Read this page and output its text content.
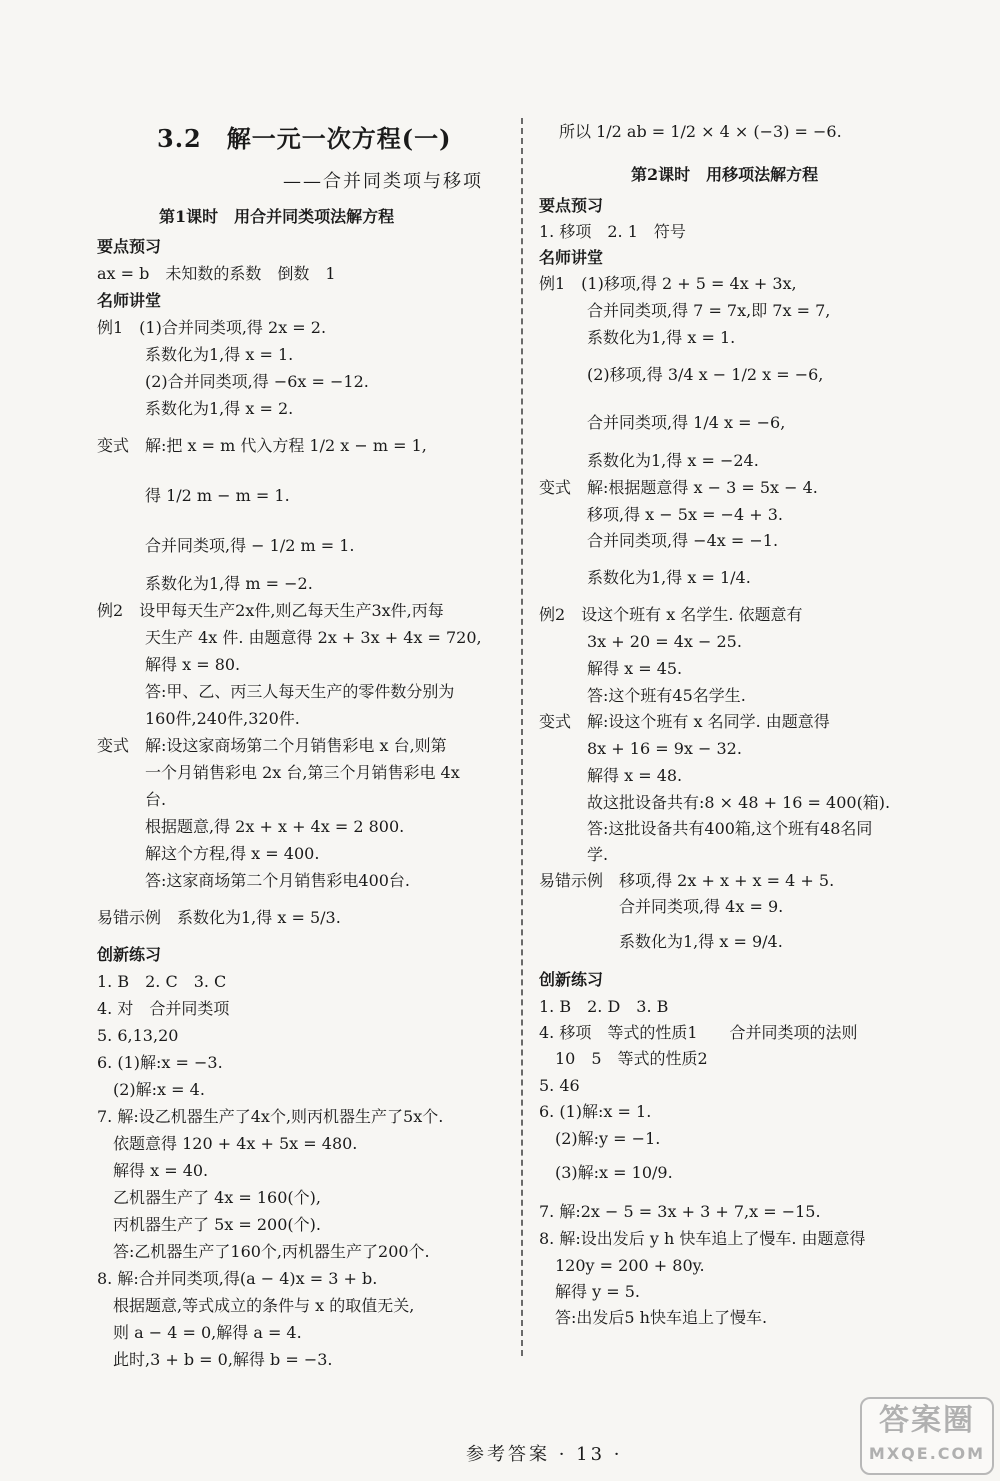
3.2　解一元一次方程(一)
——合并同类项与移项
第1课时　用合并同类项法解方程
要点预习
ax = b　未知数的系数　倒数　1
名师讲堂
例1　(1)合并同类项,得 2x = 2.
　　　系数化为1,得 x = 1.
　　　(2)合并同类项,得 −6x = −12.
　　　系数化为1,得 x = 2.
变式　解:把 x = m 代入方程 1/2 x − m = 1,
　　　得 1/2 m − m = 1.
　　　合并同类项,得 − 1/2 m = 1.
　　　系数化为1,得 m = −2.
例2　设甲每天生产2x件,则乙每天生产3x件,丙每
　　　天生产 4x 件. 由题意得 2x + 3x + 4x = 720,
　　　解得 x = 80.
　　　答:甲、乙、丙三人每天生产的零件数分别为
　　　160件,240件,320件.
变式　解:设这家商场第二个月销售彩电 x 台,则第
　　　一个月销售彩电 2x 台,第三个月销售彩电 4x
　　　台.
　　　根据题意,得 2x + x + 4x = 2 800.
　　　解这个方程,得 x = 400.
　　　答:这家商场第二个月销售彩电400台.
易错示例　系数化为1,得 x = 5/3.
创新练习
1. B　2. C　3. C
4. 对　合并同类项
5. 6,13,20
6. (1)解:x = −3.
　(2)解:x = 4.
7. 解:设乙机器生产了4x个,则丙机器生产了5x个.
　依题意得 120 + 4x + 5x = 480.
　解得 x = 40.
　乙机器生产了 4x = 160(个),
　丙机器生产了 5x = 200(个).
　答:乙机器生产了160个,丙机器生产了200个.
8. 解:合并同类项,得(a − 4)x = 3 + b.
　根据题意,等式成立的条件与 x 的取值无关,
　则 a − 4 = 0,解得 a = 4.
　此时,3 + b = 0,解得 b = −3.
所以 1/2 ab = 1/2 × 4 × (−3) = −6.
第2课时　用移项法解方程
要点预习
1. 移项　2. 1　符号
名师讲堂
例1　(1)移项,得 2 + 5 = 4x + 3x,
　　　合并同类项,得 7 = 7x,即 7x = 7,
　　　系数化为1,得 x = 1.
　　　(2)移项,得 3/4 x − 1/2 x = −6,
　　　合并同类项,得 1/4 x = −6,
　　　系数化为1,得 x = −24.
变式　解:根据题意得 x − 3 = 5x − 4.
　　　移项,得 x − 5x = −4 + 3.
　　　合并同类项,得 −4x = −1.
　　　系数化为1,得 x = 1/4.
例2　设这个班有 x 名学生. 依题意有
　　　3x + 20 = 4x − 25.
　　　解得 x = 45.
　　　答:这个班有45名学生.
变式　解:设这个班有 x 名同学. 由题意得
　　　8x + 16 = 9x − 32.
　　　解得 x = 48.
　　　故这批设备共有:8 × 48 + 16 = 400(箱).
　　　答:这批设备共有400箱,这个班有48名同
　　　学.
易错示例　移项,得 2x + x + x = 4 + 5.
　　　　　合并同类项,得 4x = 9.
　　　　　系数化为1,得 x = 9/4.
创新练习
1. B　2. D　3. B
4. 移项　等式的性质1　　合并同类项的法则
　10　5　等式的性质2
5. 46
6. (1)解:x = 1.
　(2)解:y = −1.
　(3)解:x = 10/9.
7. 解:2x − 5 = 3x + 3 + 7,x = −15.
8. 解:设出发后 y h 快车追上了慢车. 由题意得
　120y = 200 + 80y.
　解得 y = 5.
　答:出发后5 h快车追上了慢车.
参考答案 · 13 ·
答案圈
MXQE.COM
